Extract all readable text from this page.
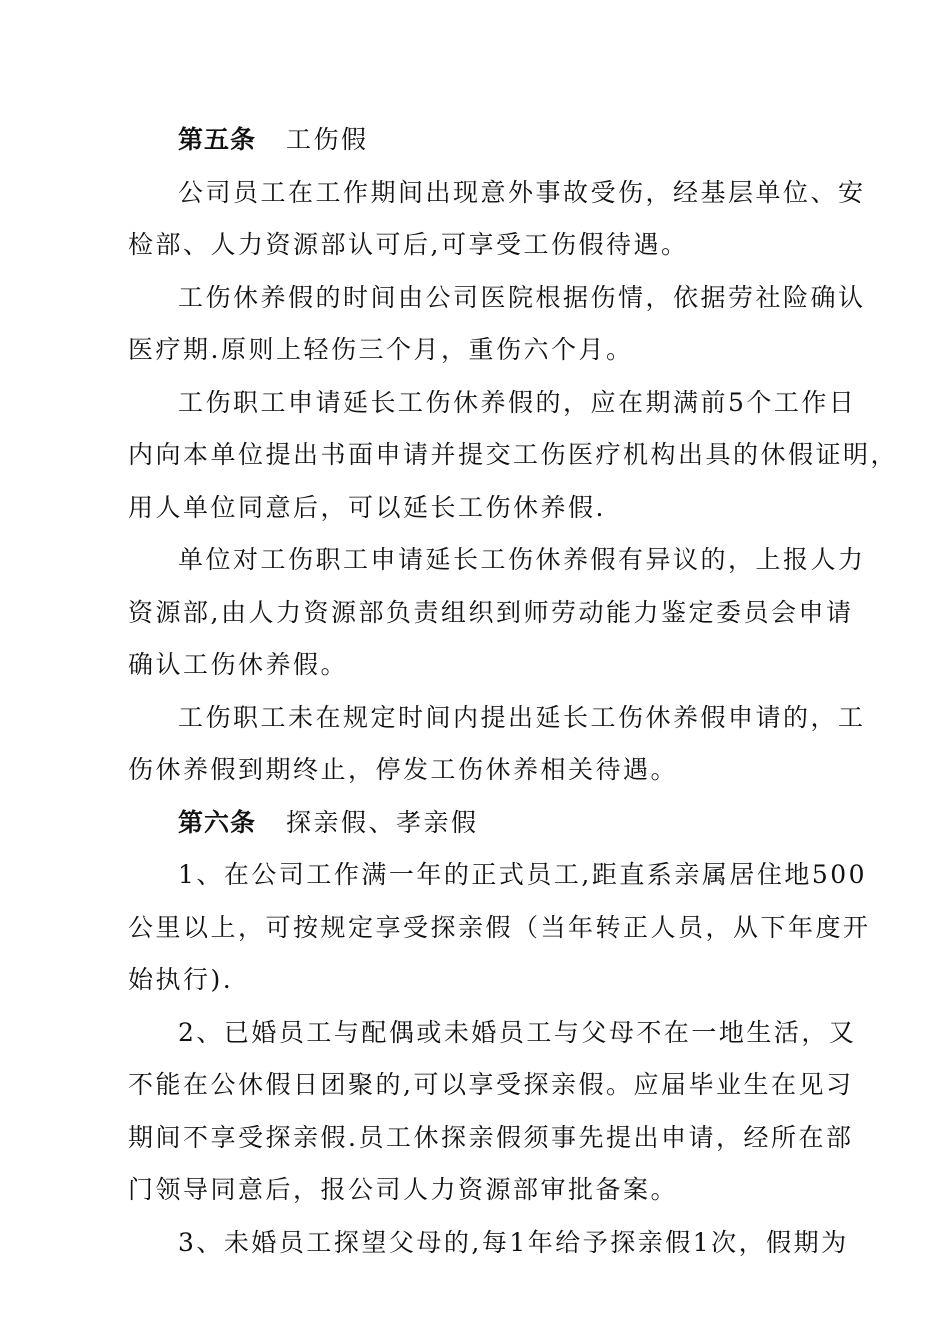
第五条 工伤假
公司员工在工作期间出现意外事故受伤，经基层单位、安
检部、人力资源部认可后,可享受工伤假待遇。
工伤休养假的时间由公司医院根据伤情，依据劳社险确认
医疗期.原则上轻伤三个月，重伤六个月。
工伤职工申请延长工伤休养假的，应在期满前5个工作日
内向本单位提出书面申请并提交工伤医疗机构出具的休假证明，
用人单位同意后，可以延长工伤休养假.
单位对工伤职工申请延长工伤休养假有异议的，上报人力
资源部,由人力资源部负责组织到师劳动能力鉴定委员会申请
确认工伤休养假。
工伤职工未在规定时间内提出延长工伤休养假申请的，工
伤休养假到期终止，停发工伤休养相关待遇。
第六条 探亲假、孝亲假
1、在公司工作满一年的正式员工,距直系亲属居住地500
公里以上，可按规定享受探亲假（当年转正人员，从下年度开
始执行).
2、已婚员工与配偶或未婚员工与父母不在一地生活，又
不能在公休假日团聚的,可以享受探亲假。应届毕业生在见习
期间不享受探亲假.员工休探亲假须事先提出申请，经所在部
门领导同意后，报公司人力资源部审批备案。
3、未婚员工探望父母的,每1年给予探亲假1次，假期为
